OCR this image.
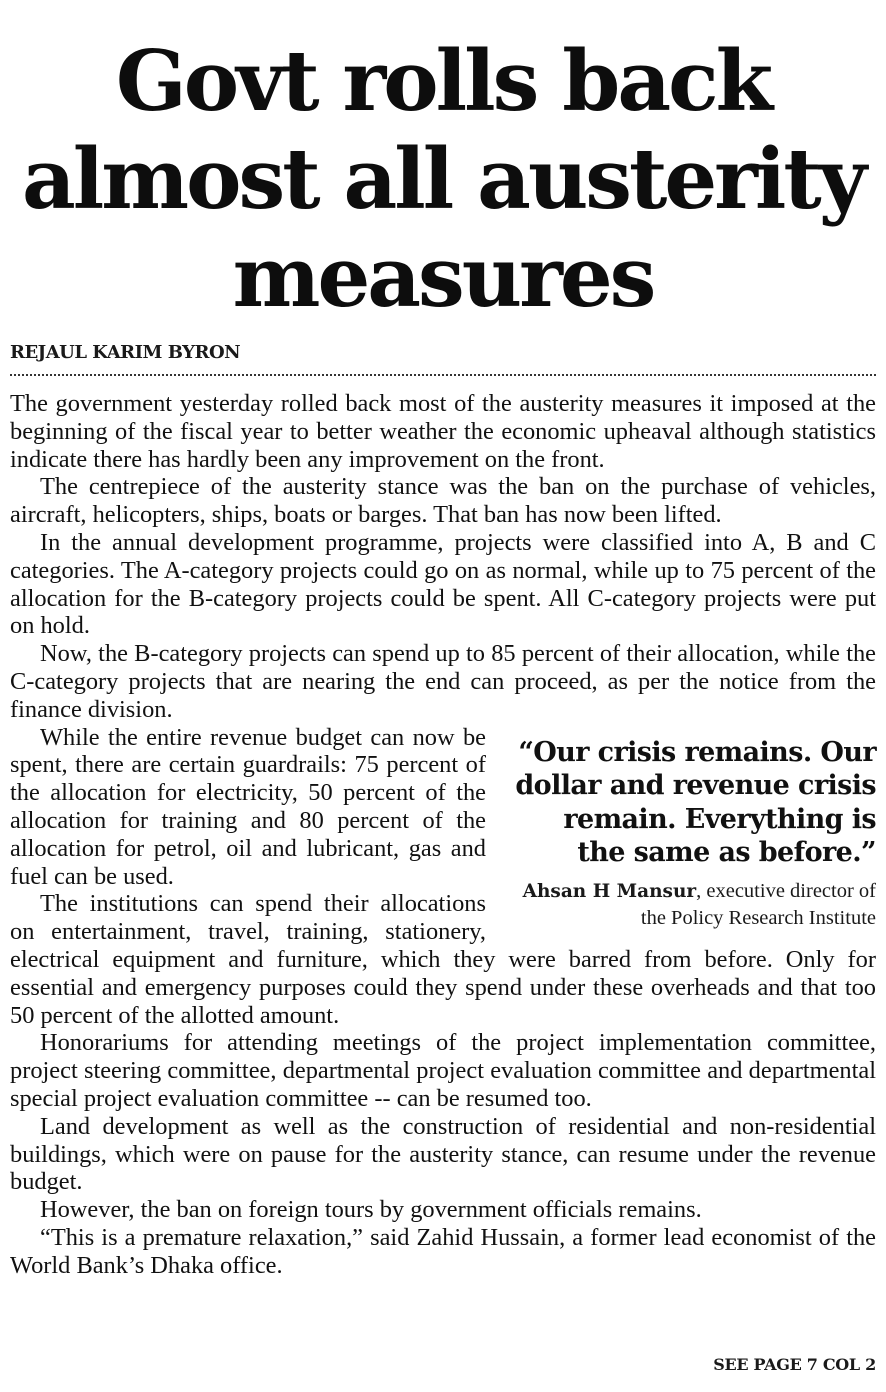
Govt rolls back
almost all austerity
measures
REJAUL KARIM BYRON

The government yesterday rolled back most of the austerity measures it imposed at the beginning of the fiscal year to better weather the economic upheaval although statistics indicate there has hardly been any improvement on the front.

The centrepiece of the austerity stance was the ban on the purchase of vehicles, aircraft, helicopters, ships, boats or barges. That ban has now been lifted.

In the annual development programme, projects were classified into A, B and C categories. The A-category projects could go on as normal, while up to 75 percent of the allocation for the B-category projects could be spent. All C-category projects were put on hold.

Now, the B-category projects can spend up to 85 percent of their allocation, while the C-category projects that are nearing the end can proceed, as per the notice from the finance division.

“Our crisis remains. Our dollar and revenue crisis remain. Everything is the same as before.”
Ahsan H Mansur, executive director of the Policy Research Institute

While the entire revenue budget can now be spent, there are certain guardrails: 75 percent of the allocation for electricity, 50 percent of the allocation for training and 80 percent of the allocation for petrol, oil and lubricant, gas and fuel can be used.

The institutions can spend their allocations on entertainment, travel, training, stationery, electrical equipment and furniture, which they were barred from before. Only for essential and emergency purposes could they spend under these overheads and that too 50 percent of the allotted amount.

Honorariums for attending meetings of the project implementation committee, project steering committee, departmental project evaluation committee and departmental special project evaluation committee -- can be resumed too.

Land development as well as the construction of residential and non-residential buildings, which were on pause for the austerity stance, can resume under the revenue budget.

However, the ban on foreign tours by government officials remains.

“This is a premature relaxation,” said Zahid Hussain, a former lead economist of the World Bank’s Dhaka office.

SEE PAGE 7 COL 2
